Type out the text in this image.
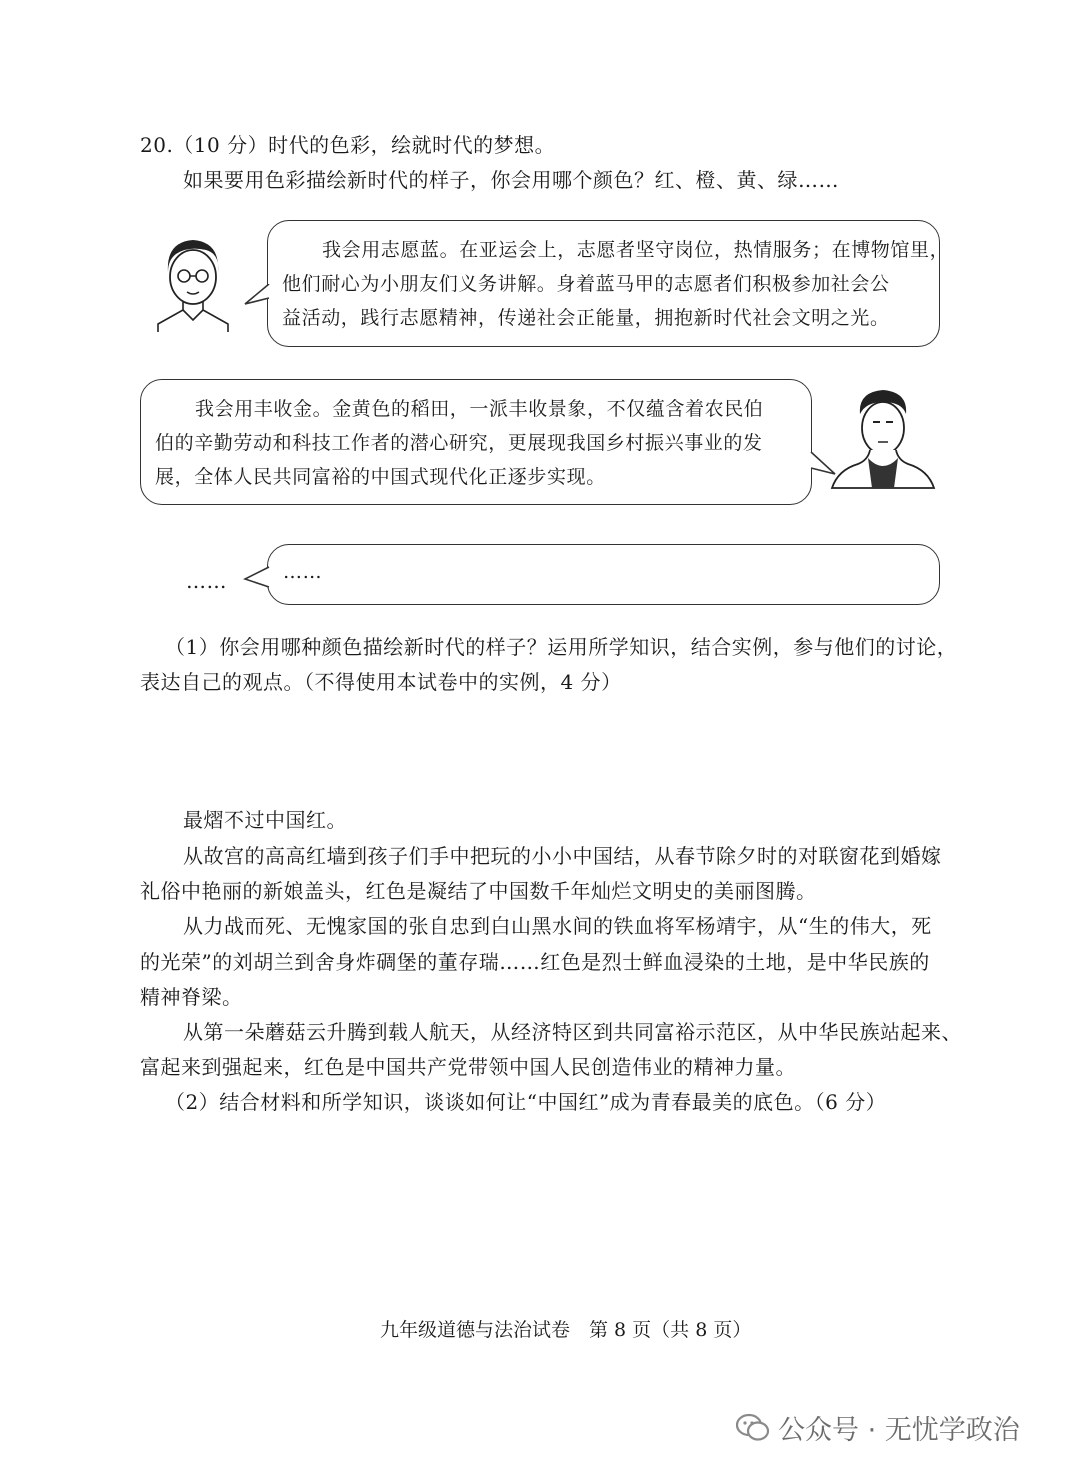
20.（10 分）时代的色彩，绘就时代的梦想。
如果要用色彩描绘新时代的样子，你会用哪个颜色？红、橙、黄、绿……
我会用志愿蓝。在亚运会上，志愿者坚守岗位，热情服务；在博物馆里，
他们耐心为小朋友们义务讲解。身着蓝马甲的志愿者们积极参加社会公
益活动，践行志愿精神，传递社会正能量，拥抱新时代社会文明之光。
我会用丰收金。金黄色的稻田，一派丰收景象，不仅蕴含着农民伯
伯的辛勤劳动和科技工作者的潜心研究，更展现我国乡村振兴事业的发
展，全体人民共同富裕的中国式现代化正逐步实现。
……	……
（1）你会用哪种颜色描绘新时代的样子？运用所学知识，结合实例，参与他们的讨论，
表达自己的观点。（不得使用本试卷中的实例，4 分）
最熠不过中国红。
从故宫的高高红墙到孩子们手中把玩的小小中国结，从春节除夕时的对联窗花到婚嫁
礼俗中艳丽的新娘盖头，红色是凝结了中国数千年灿烂文明史的美丽图腾。
从力战而死、无愧家国的张自忠到白山黑水间的铁血将军杨靖宇，从“生的伟大，死
的光荣”的刘胡兰到舍身炸碉堡的董存瑞……红色是烈士鲜血浸染的土地，是中华民族的
精神脊梁。
从第一朵蘑菇云升腾到载人航天，从经济特区到共同富裕示范区，从中华民族站起来、
富起来到强起来，红色是中国共产党带领中国人民创造伟业的精神力量。
（2）结合材料和所学知识，谈谈如何让“中国红”成为青春最美的底色。（6 分）
九年级道德与法治试卷　第 8 页（共 8 页）
公众号 · 无忧学政治
